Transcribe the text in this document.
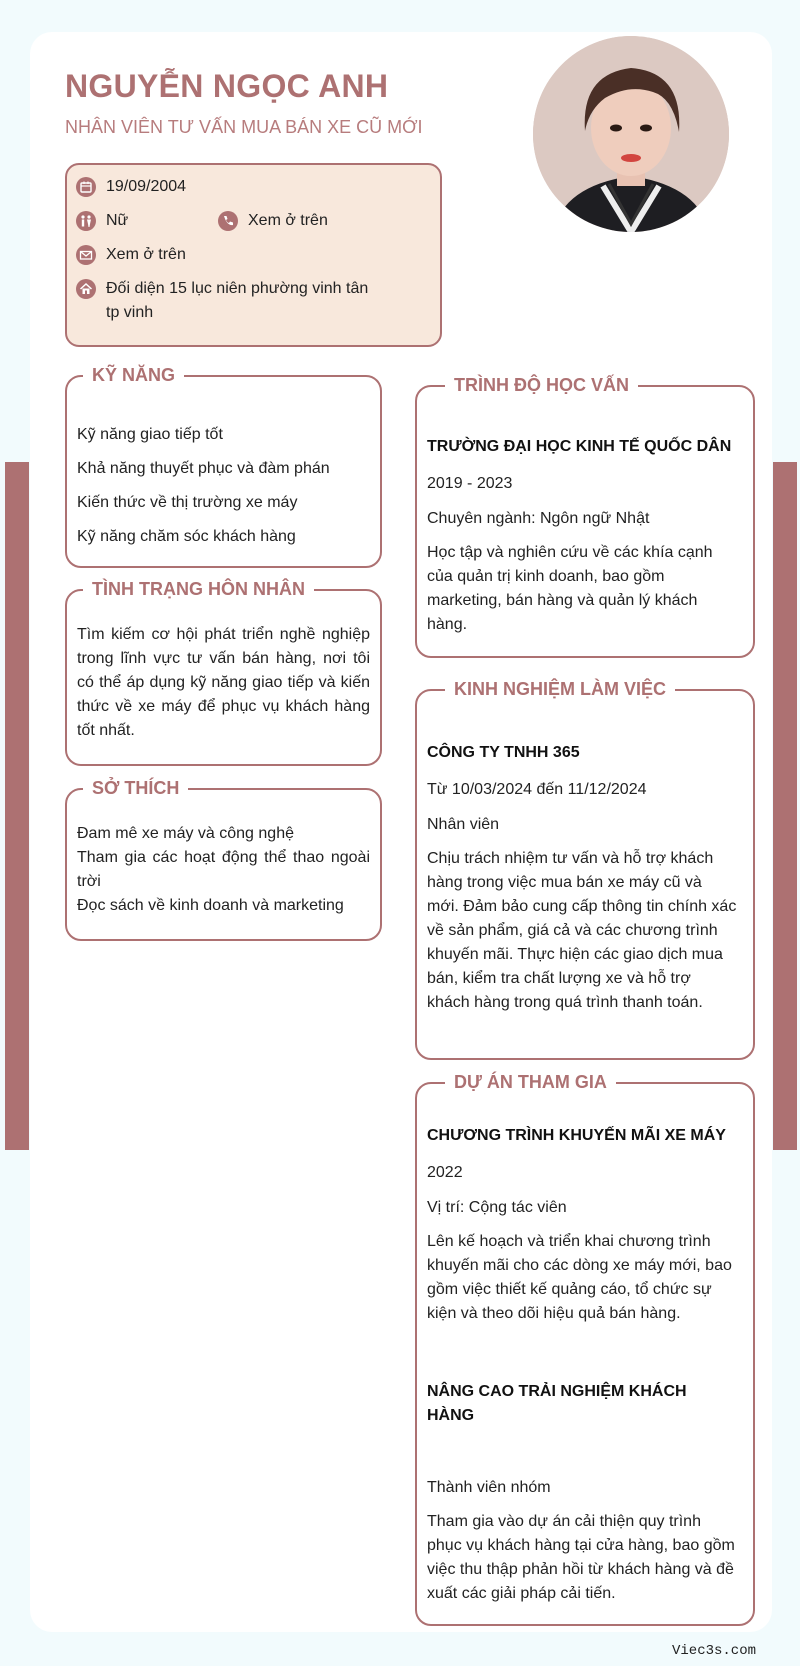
NGUYỄN NGỌC ANH
NHÂN VIÊN TƯ VẤN MUA BÁN XE CŨ MỚI
19/09/2004
Nữ	Xem ở trên
Xem ở trên
Đối diện 15 lục niên phường vinh tân tp vinh
KỸ NĂNG
Kỹ năng giao tiếp tốt
Khả năng thuyết phục và đàm phán
Kiến thức về thị trường xe máy
Kỹ năng chăm sóc khách hàng
TÌNH TRẠNG HÔN NHÂN
Tìm kiếm cơ hội phát triển nghề nghiệp trong lĩnh vực tư vấn bán hàng, nơi tôi có thể áp dụng kỹ năng giao tiếp và kiến thức về xe máy để phục vụ khách hàng tốt nhất.
SỞ THÍCH
Đam mê xe máy và công nghệ
Tham gia các hoạt động thể thao ngoài trời
Đọc sách về kinh doanh và marketing
TRÌNH ĐỘ HỌC VẤN
TRƯỜNG ĐẠI HỌC KINH TẾ QUỐC DÂN
2019 - 2023
Chuyên ngành: Ngôn ngữ Nhật
Học tập và nghiên cứu về các khía cạnh của quản trị kinh doanh, bao gồm marketing, bán hàng và quản lý khách hàng.
KINH NGHIỆM LÀM VIỆC
CÔNG TY TNHH 365
Từ 10/03/2024 đến 11/12/2024
Nhân viên
Chịu trách nhiệm tư vấn và hỗ trợ khách hàng trong việc mua bán xe máy cũ và mới. Đảm bảo cung cấp thông tin chính xác về sản phẩm, giá cả và các chương trình khuyến mãi. Thực hiện các giao dịch mua bán, kiểm tra chất lượng xe và hỗ trợ khách hàng trong quá trình thanh toán.
DỰ ÁN THAM GIA
CHƯƠNG TRÌNH KHUYẾN MÃI XE MÁY
2022
Vị trí: Cộng tác viên
Lên kế hoạch và triển khai chương trình khuyến mãi cho các dòng xe máy mới, bao gồm việc thiết kế quảng cáo, tổ chức sự kiện và theo dõi hiệu quả bán hàng.
NÂNG CAO TRẢI NGHIỆM KHÁCH HÀNG
Thành viên nhóm
Tham gia vào dự án cải thiện quy trình phục vụ khách hàng tại cửa hàng, bao gồm việc thu thập phản hồi từ khách hàng và đề xuất các giải pháp cải tiến.
Viec3s.com
